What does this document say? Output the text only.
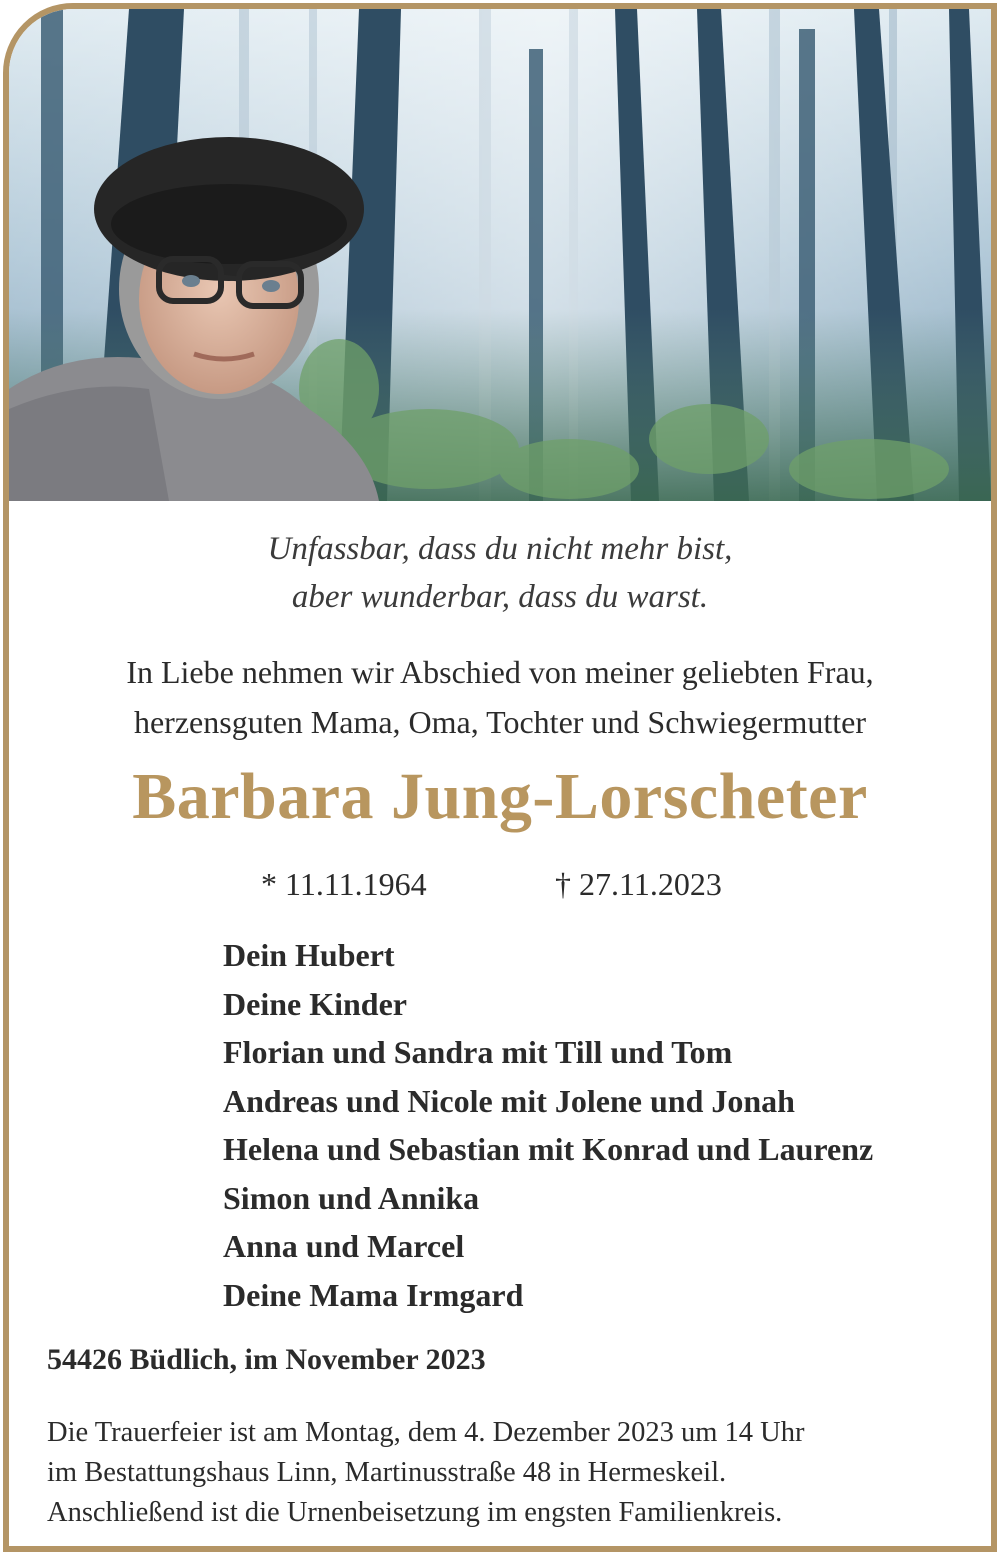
Unfassbar, dass du nicht mehr bist,
aber wunderbar, dass du warst.
In Liebe nehmen wir Abschied von meiner geliebten Frau,
herzensguten Mama, Oma, Tochter und Schwiegermutter
Barbara Jung-Lorscheter
* 11.11.1964	† 27.11.2023
Dein Hubert
Deine Kinder
Florian und Sandra mit Till und Tom
Andreas und Nicole mit Jolene und Jonah
Helena und Sebastian mit Konrad und Laurenz
Simon und Annika
Anna und Marcel
Deine Mama Irmgard
54426 Büdlich, im November 2023
Die Trauerfeier ist am Montag, dem 4. Dezember 2023 um 14 Uhr
im Bestattungshaus Linn, Martinusstraße 48 in Hermeskeil.
Anschließend ist die Urnenbeisetzung im engsten Familienkreis.
